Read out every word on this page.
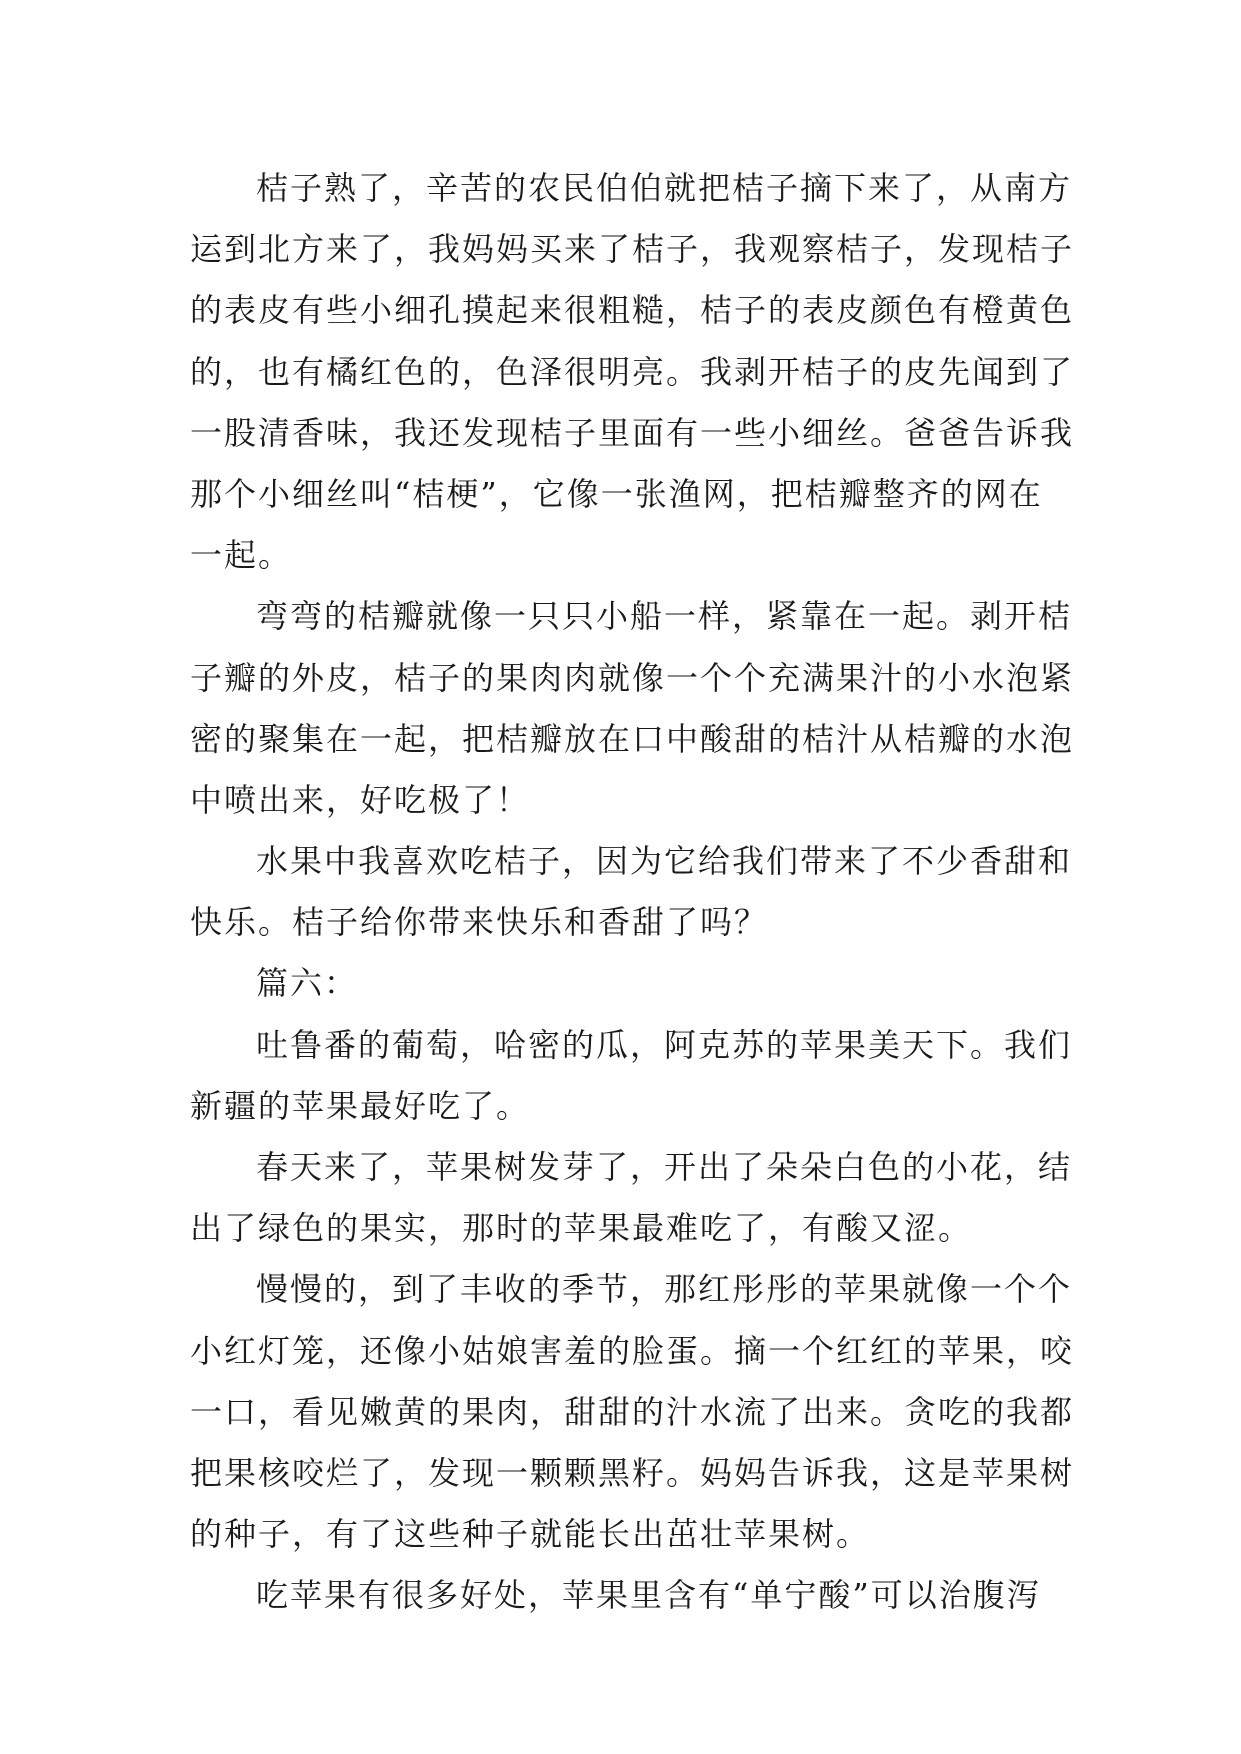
桔子熟了，辛苦的农民伯伯就把桔子摘下来了，从南方
运到北方来了，我妈妈买来了桔子，我观察桔子，发现桔子
的表皮有些小细孔摸起来很粗糙，桔子的表皮颜色有橙黄色
的，也有橘红色的，色泽很明亮。我剥开桔子的皮先闻到了
一股清香味，我还发现桔子里面有一些小细丝。爸爸告诉我
那个小细丝叫“桔梗”，它像一张渔网，把桔瓣整齐的网在
一起。
弯弯的桔瓣就像一只只小船一样，紧靠在一起。剥开桔
子瓣的外皮，桔子的果肉肉就像一个个充满果汁的小水泡紧
密的聚集在一起，把桔瓣放在口中酸甜的桔汁从桔瓣的水泡
中喷出来，好吃极了！
水果中我喜欢吃桔子，因为它给我们带来了不少香甜和
快乐。桔子给你带来快乐和香甜了吗？
篇六：
吐鲁番的葡萄，哈密的瓜，阿克苏的苹果美天下。我们
新疆的苹果最好吃了。
春天来了，苹果树发芽了，开出了朵朵白色的小花，结
出了绿色的果实，那时的苹果最难吃了，有酸又涩。
慢慢的，到了丰收的季节，那红彤彤的苹果就像一个个
小红灯笼，还像小姑娘害羞的脸蛋。摘一个红红的苹果，咬
一口，看见嫩黄的果肉，甜甜的汁水流了出来。贪吃的我都
把果核咬烂了，发现一颗颗黑籽。妈妈告诉我，这是苹果树
的种子，有了这些种子就能长出茁壮苹果树。
吃苹果有很多好处，苹果里含有“单宁酸”可以治腹泻
